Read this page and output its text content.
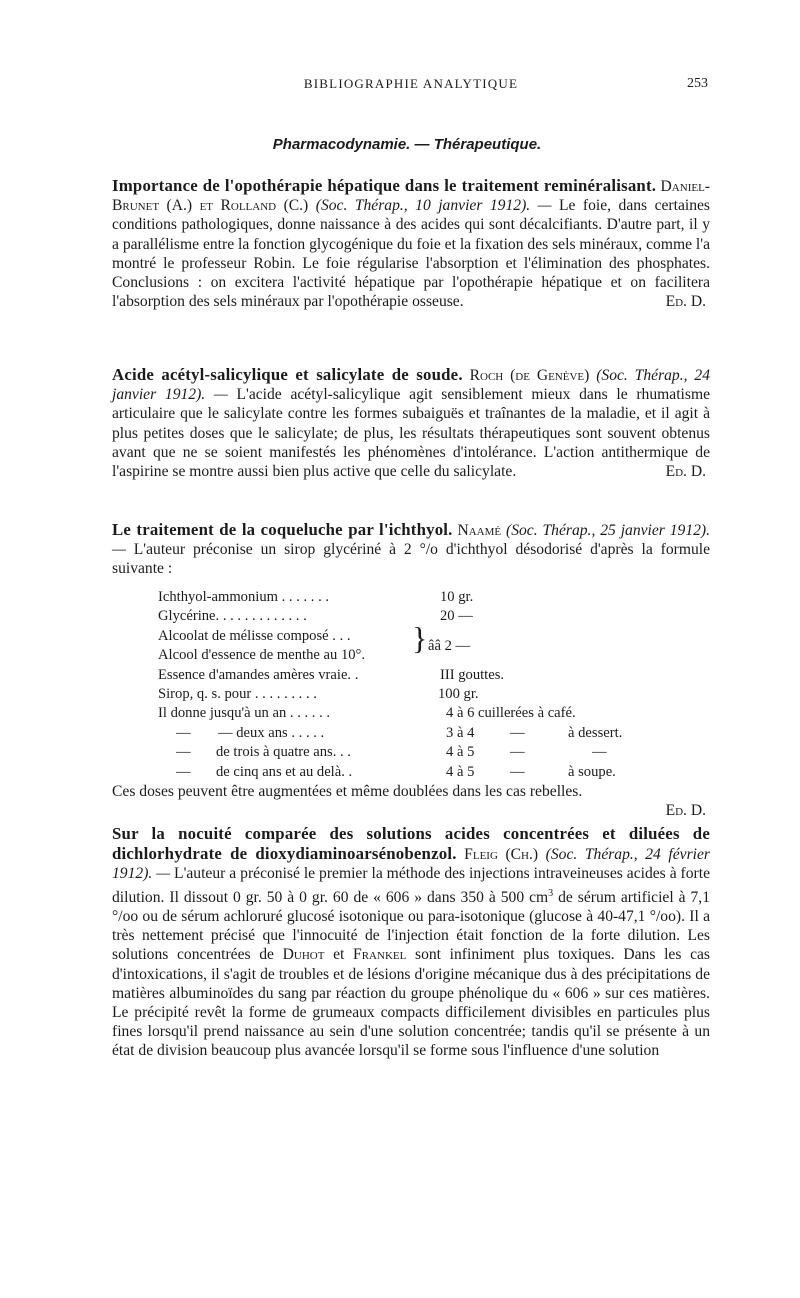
BIBLIOGRAPHIE ANALYTIQUE	253
Pharmacodynamie. — Thérapeutique.

Importance de l'opothérapie hépatique dans le traitement reminéralisant. Daniel-Brunet (A.) et Rolland (C.) (Soc. Thérap., 10 janvier 1912). — Le foie, dans certaines conditions pathologiques, donne naissance à des acides qui sont décalcifiants. D'autre part, il y a parallélisme entre la fonction glycogénique du foie et la fixation des sels minéraux, comme l'a montré le professeur Robin. Le foie régularise l'absorption et l'élimination des phosphates. Conclusions : on excitera l'activité hépatique par l'opothérapie hépatique et on facilitera l'absorption des sels minéraux par l'opothérapie osseuse.	Ed. D.

Acide acétyl-salicylique et salicylate de soude. Roch (de Genève) (Soc. Thérap., 24 janvier 1912). — L'acide acétyl-salicylique agit sensiblement mieux dans le rhumatisme articulaire que le salicylate contre les formes subaiguës et traînantes de la maladie, et il agit à plus petites doses que le salicylate; de plus, les résultats thérapeutiques sont souvent obtenus avant que ne se soient manifestés les phénomènes d'intolérance. L'action antithermique de l'aspirine se montre aussi bien plus active que celle du salicylate.	Ed. D.

Le traitement de la coqueluche par l'ichthyol. Naamé (Soc. Thérap., 25 janvier 1912). — L'auteur préconise un sirop glycériné à 2 °/o d'ichthyol désodorisé d'après la formule suivante :

Ichthyol-ammonium . . . . . . .	10 gr.
Glycérine. . . . . . . . . . . . .	20 —
Alcoolat de mélisse composé . . . } ââ 2 —
Alcool d'essence de menthe au 10°.
Essence d'amandes amères vraie. .	III gouttes.
Sirop, q. s. pour . . . . . . . . .	100 gr.
Il donne jusqu'à un an . . . . . .	4 à 6 cuillerées à café.
— — deux ans . . . . .	3 à 4 —	à dessert.
— de trois à quatre ans. . .	4 à 5 —	—
— de cinq ans et au delà. .	4 à 5 —	à soupe.

Ces doses peuvent être augmentées et même doublées dans les cas rebelles.

Ed. D.

Sur la nocuité comparée des solutions acides concentrées et diluées de dichlorhydrate de dioxydiaminoarsénobenzol. Fleig (Ch.) (Soc. Thérap., 24 février 1912). — L'auteur a préconisé le premier la méthode des injections intraveineuses acides à forte dilution. Il dissout 0 gr. 50 à 0 gr. 60 de « 606 » dans 350 à 500 $cm^3$ de sérum artificiel à 7,1 °/oo ou de sérum achloruré glucosé isotonique ou para-isotonique (glucose à 40-47,1 °/oo). Il a très nettement précisé que l'innocuité de l'injection était fonction de la forte dilution. Les solutions concentrées de Duhot et Frankel sont infiniment plus toxiques. Dans les cas d'intoxications, il s'agit de troubles et de lésions d'origine mécanique dus à des précipitations de matières albuminoïdes du sang par réaction du groupe phénolique du « 606 » sur ces matières. Le précipité revêt la forme de grumeaux compacts difficilement divisibles en particules plus fines lorsqu'il prend naissance au sein d'une solution concentrée; tandis qu'il se présente à un état de division beaucoup plus avancée lorsqu'il se forme sous l'influence d'une solution
